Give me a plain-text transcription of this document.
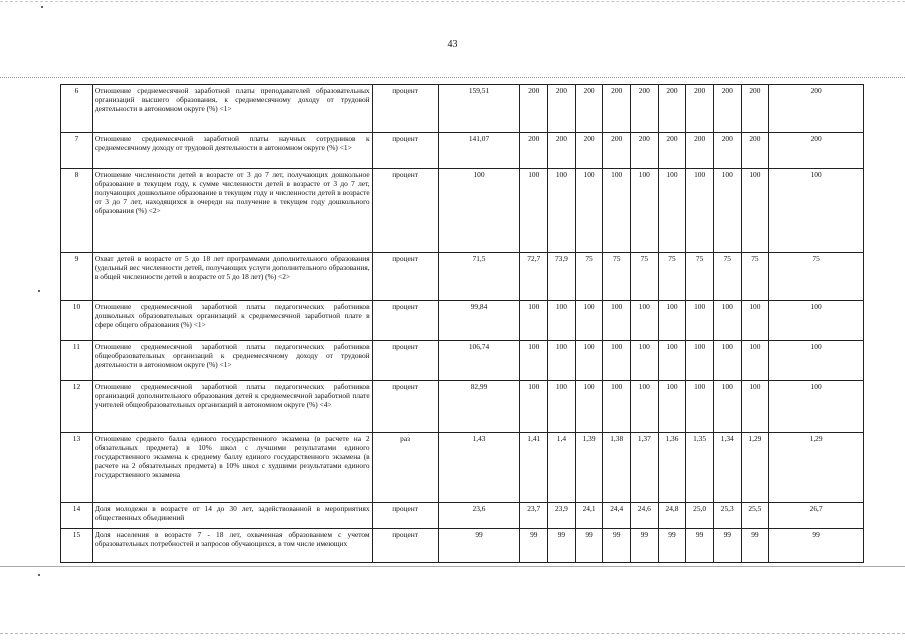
43
6	Отношение среднемесячной заработной платы преподавателей образовательных организаций высшего образования, к среднемесячному доходу от трудовой деятельности в автономном округе (%) <1>	процент	159,51	200	200	200	200	200	200	200	200	200	200
7	Отношение среднемесячной заработной платы научных сотрудников к среднемесячному доходу от трудовой деятельности в автономном округе (%) <1>	процент	141,07	200	200	200	200	200	200	200	200	200	200
8	Отношение численности детей в возрасте от 3 до 7 лет, получающих дошкольное образование в текущем году, к сумме численности детей в возрасте от 3 до 7 лет, получающих дошкольное образование в текущем году и численности детей в возрасте от 3 до 7 лет, находящихся в очереди на получение в текущем году дошкольного образования (%) <2>	процент	100	100	100	100	100	100	100	100	100	100	100
9	Охват детей в возрасте от 5 до 18 лет программами дополнительного образования (удельный вес численности детей, получающих услуги дополнительного образования, в общей численности детей в возрасте от 5 до 18 лет) (%) <2>	процент	71,5	72,7	73,9	75	75	75	75	75	75	75	75
10	Отношение среднемесячной заработной платы педагогических работников дошкольных образовательных организаций к среднемесячной заработной плате в сфере общего образования (%) <1>	процент	99,84	100	100	100	100	100	100	100	100	100	100
11	Отношение среднемесячной заработной платы педагогических работников общеобразовательных организаций к среднемесячному доходу от трудовой деятельности в автономном округе (%) <1>	процент	106,74	100	100	100	100	100	100	100	100	100	100
12	Отношение среднемесячной заработной платы педагогических работников организаций дополнительного образования детей к среднемесячной заработной плате учителей общеобразовательных организаций в автономном округе (%) <4>	процент	82,99	100	100	100	100	100	100	100	100	100	100
13	Отношение среднего балла единого государственного экзамена (в расчете на 2 обязательных предмета) в 10% школ с лучшими результатами единого государственного экзамена к среднему баллу единого государственного экзамена (в расчете на 2 обязательных предмета) в 10% школ с худшими результатами единого государственного экзамена	раз	1,43	1,41	1,4	1,39	1,38	1,37	1,36	1,35	1,34	1,29	1,29
14	Доля молодежи в возрасте от 14 до 30 лет, задействованной в мероприятиях общественных объединений	процент	23,6	23,7	23,9	24,1	24,4	24,6	24,8	25,0	25,3	25,5	26,7
15	Доля населения в возрасте 7 - 18 лет, охваченная образованием с учетом образовательных потребностей и запросов обучающихся, в том числе имеющих	процент	99	99	99	99	99	99	99	99	99	99	99
